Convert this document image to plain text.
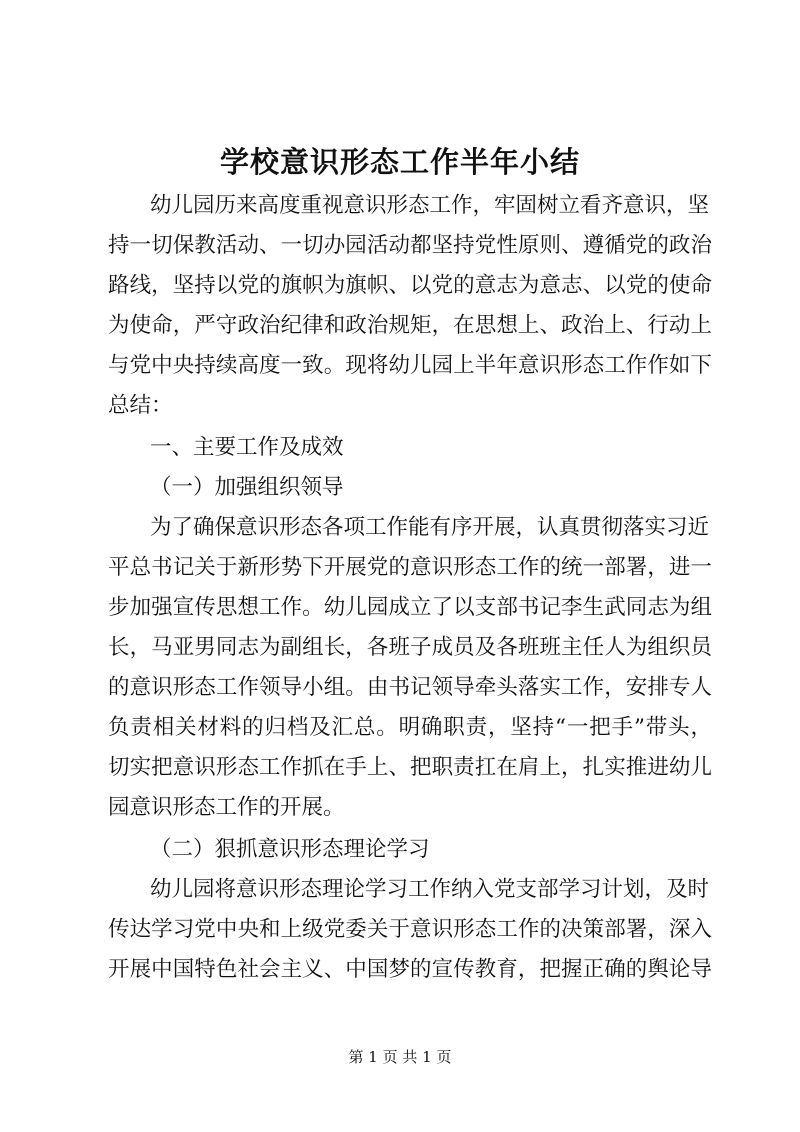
学校意识形态工作半年小结
幼儿园历来高度重视意识形态工作，牢固树立看齐意识，坚
持一切保教活动、一切办园活动都坚持党性原则、遵循党的政治
路线，坚持以党的旗帜为旗帜、以党的意志为意志、以党的使命
为使命，严守政治纪律和政治规矩，在思想上、政治上、行动上
与党中央持续高度一致。现将幼儿园上半年意识形态工作作如下
总结：
一、主要工作及成效
（一）加强组织领导
为了确保意识形态各项工作能有序开展，认真贯彻落实习近
平总书记关于新形势下开展党的意识形态工作的统一部署，进一
步加强宣传思想工作。幼儿园成立了以支部书记李生武同志为组
长，马亚男同志为副组长，各班子成员及各班班主任人为组织员
的意识形态工作领导小组。由书记领导牵头落实工作，安排专人
负责相关材料的归档及汇总。明确职责，坚持“一把手”带头，
切实把意识形态工作抓在手上、把职责扛在肩上，扎实推进幼儿
园意识形态工作的开展。
（二）狠抓意识形态理论学习
幼儿园将意识形态理论学习工作纳入党支部学习计划，及时
传达学习党中央和上级党委关于意识形态工作的决策部署，深入
开展中国特色社会主义、中国梦的宣传教育，把握正确的舆论导
第 1 页 共 1 页
